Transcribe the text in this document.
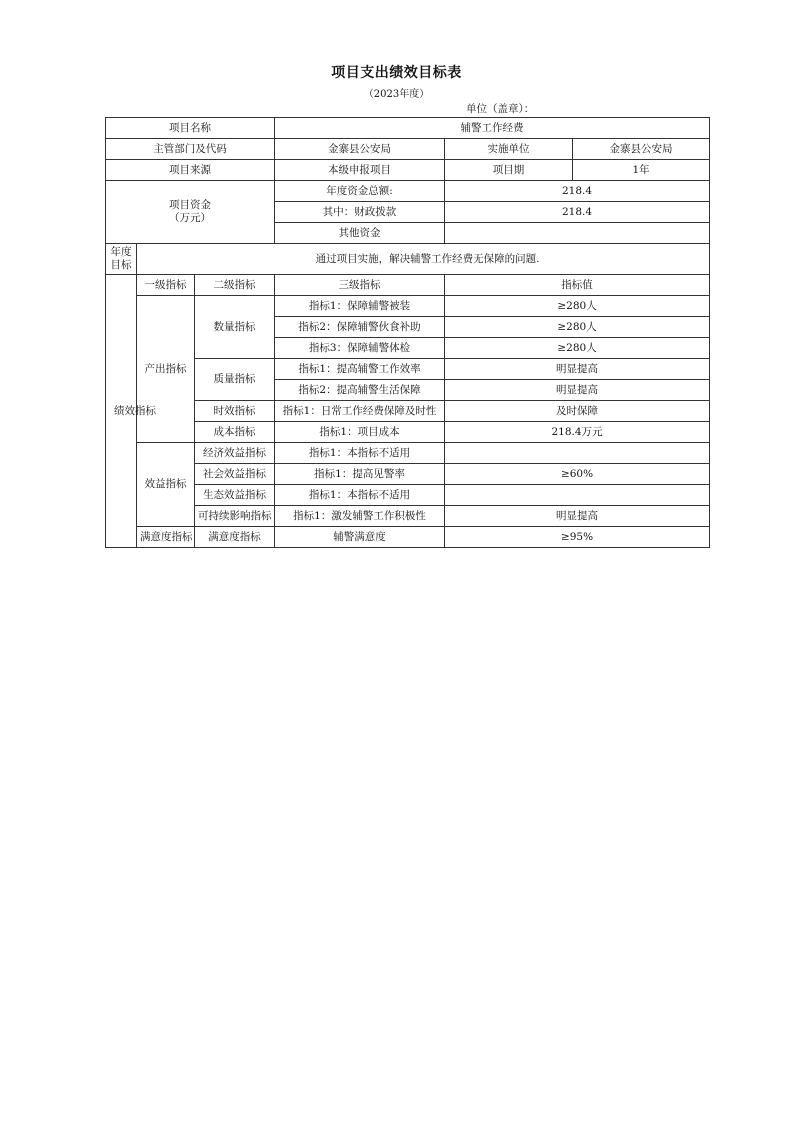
项目支出绩效目标表
（2023年度）
单位（盖章）：
项目名称			辅警工作经费		
主管部门及代码			金寨县公安局	实施单位	金寨县公安局
项目来源			本级申报项目	项目期	1年

项目资金
（万元）			年度资金总额:	218.4	
			其中：财政拨款	218.4	
			其他资金		

年度
目标	通过项目实施，解决辅警工作经费无保障的问题.				
绩效指标	一级指标	二级指标	三级指标	指标值	
	产出指标	数量指标	指标1：保障辅警被装	≥280人	
			指标2：保障辅警伙食补助	≥280人	
			指标3：保障辅警体检	≥280人	
		质量指标	指标1：提高辅警工作效率	明显提高	
			指标2：提高辅警生活保障	明显提高	
		时效指标	指标1：日常工作经费保障及时性	及时保障	
		成本指标	指标1：项目成本	218.4万元	
	效益指标	经济效益指标	指标1：本指标不适用		
		社会效益指标	指标1：提高见警率	≥60%	
		生态效益指标	指标1：本指标不适用		
		可持续影响指标	指标1：激发辅警工作积极性	明显提高	
	满意度指标	满意度指标	辅警满意度	≥95%	
